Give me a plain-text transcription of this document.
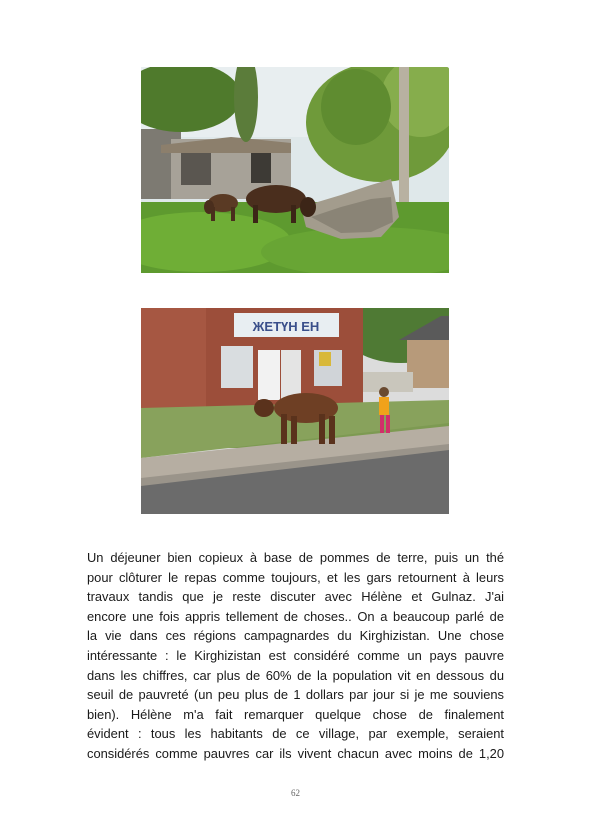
ЖЕТҮН ЕН
Un déjeuner bien copieux à base de pommes de terre, puis un thé
pour clôturer le repas comme toujours, et les gars retournent à leurs
travaux tandis que je reste discuter avec Hélène et Gulnaz. J'ai
encore une fois appris tellement de choses.. On a beaucoup parlé de
la vie dans ces régions campagnardes du Kirghizistan. Une chose
intéressante : le Kirghizistan est considéré comme un pays pauvre
dans les chiffres, car plus de 60% de la population vit en dessous du
seuil de pauvreté (un peu plus de 1 dollars par jour si je me souviens
bien). Hélène m'a fait remarquer quelque chose de finalement
évident : tous les habitants de ce village, par exemple, seraient
considérés comme pauvres car ils vivent chacun avec moins de 1,20
62
